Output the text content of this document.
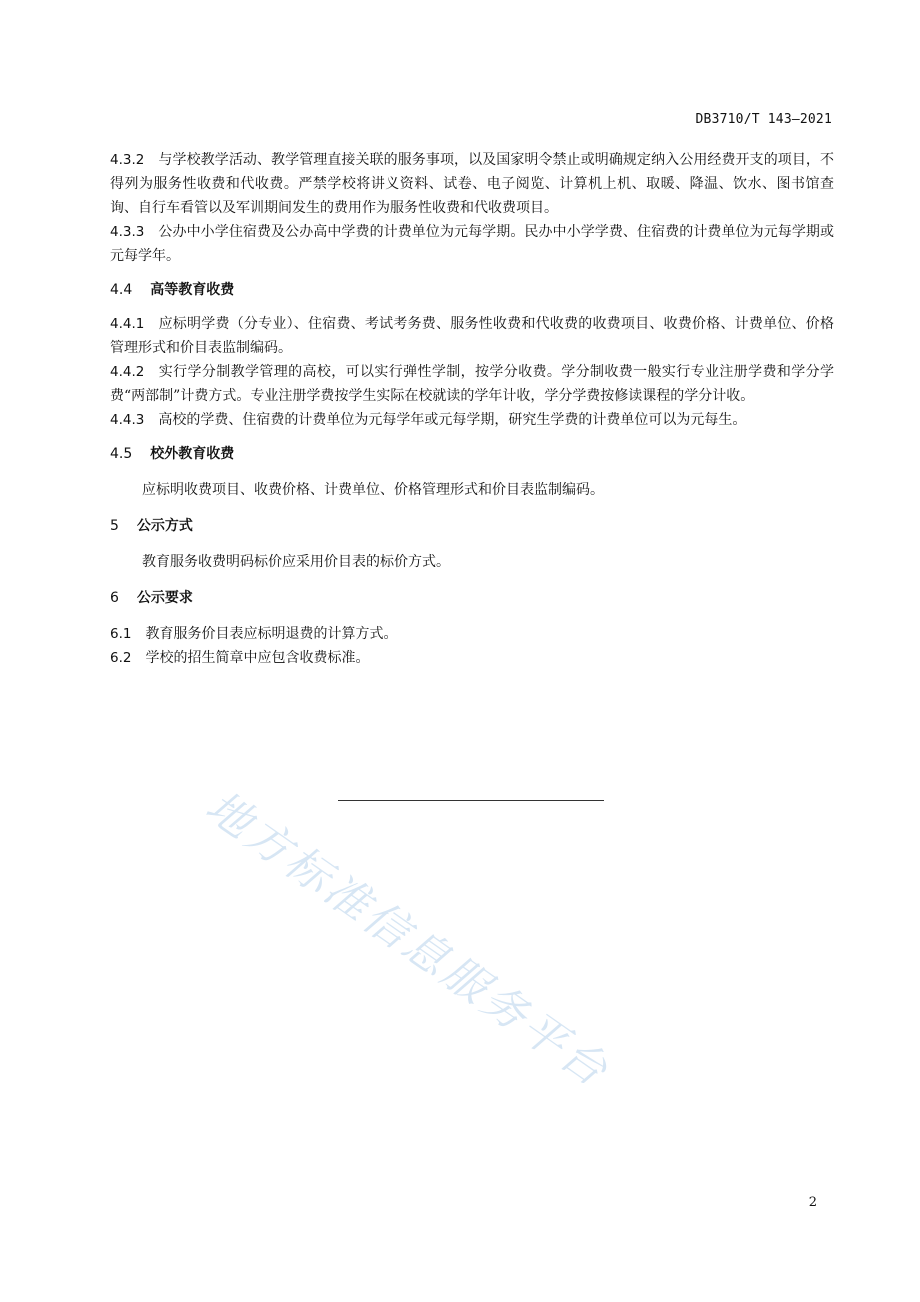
DB3710/T 143—2021

4.3.2 与学校教学活动、教学管理直接关联的服务事项，以及国家明令禁止或明确规定纳入公用经费开支的项目，不得列为服务性收费和代收费。严禁学校将讲义资料、试卷、电子阅览、计算机上机、取暖、降温、饮水、图书馆查询、自行车看管以及军训期间发生的费用作为服务性收费和代收费项目。

4.3.3 公办中小学住宿费及公办高中学费的计费单位为元每学期。民办中小学学费、住宿费的计费单位为元每学期或元每学年。

4.4 高等教育收费

4.4.1 应标明学费（分专业）、住宿费、考试考务费、服务性收费和代收费的收费项目、收费价格、计费单位、价格管理形式和价目表监制编码。

4.4.2 实行学分制教学管理的高校，可以实行弹性学制，按学分收费。学分制收费一般实行专业注册学费和学分学费“两部制”计费方式。专业注册学费按学生实际在校就读的学年计收，学分学费按修读课程的学分计收。

4.4.3 高校的学费、住宿费的计费单位为元每学年或元每学期，研究生学费的计费单位可以为元每生。

4.5 校外教育收费

应标明收费项目、收费价格、计费单位、价格管理形式和价目表监制编码。

5 公示方式

教育服务收费明码标价应采用价目表的标价方式。

6 公示要求

6.1 教育服务价目表应标明退费的计算方式。

6.2 学校的招生简章中应包含收费标准。

地方标准信息服务平台
2
